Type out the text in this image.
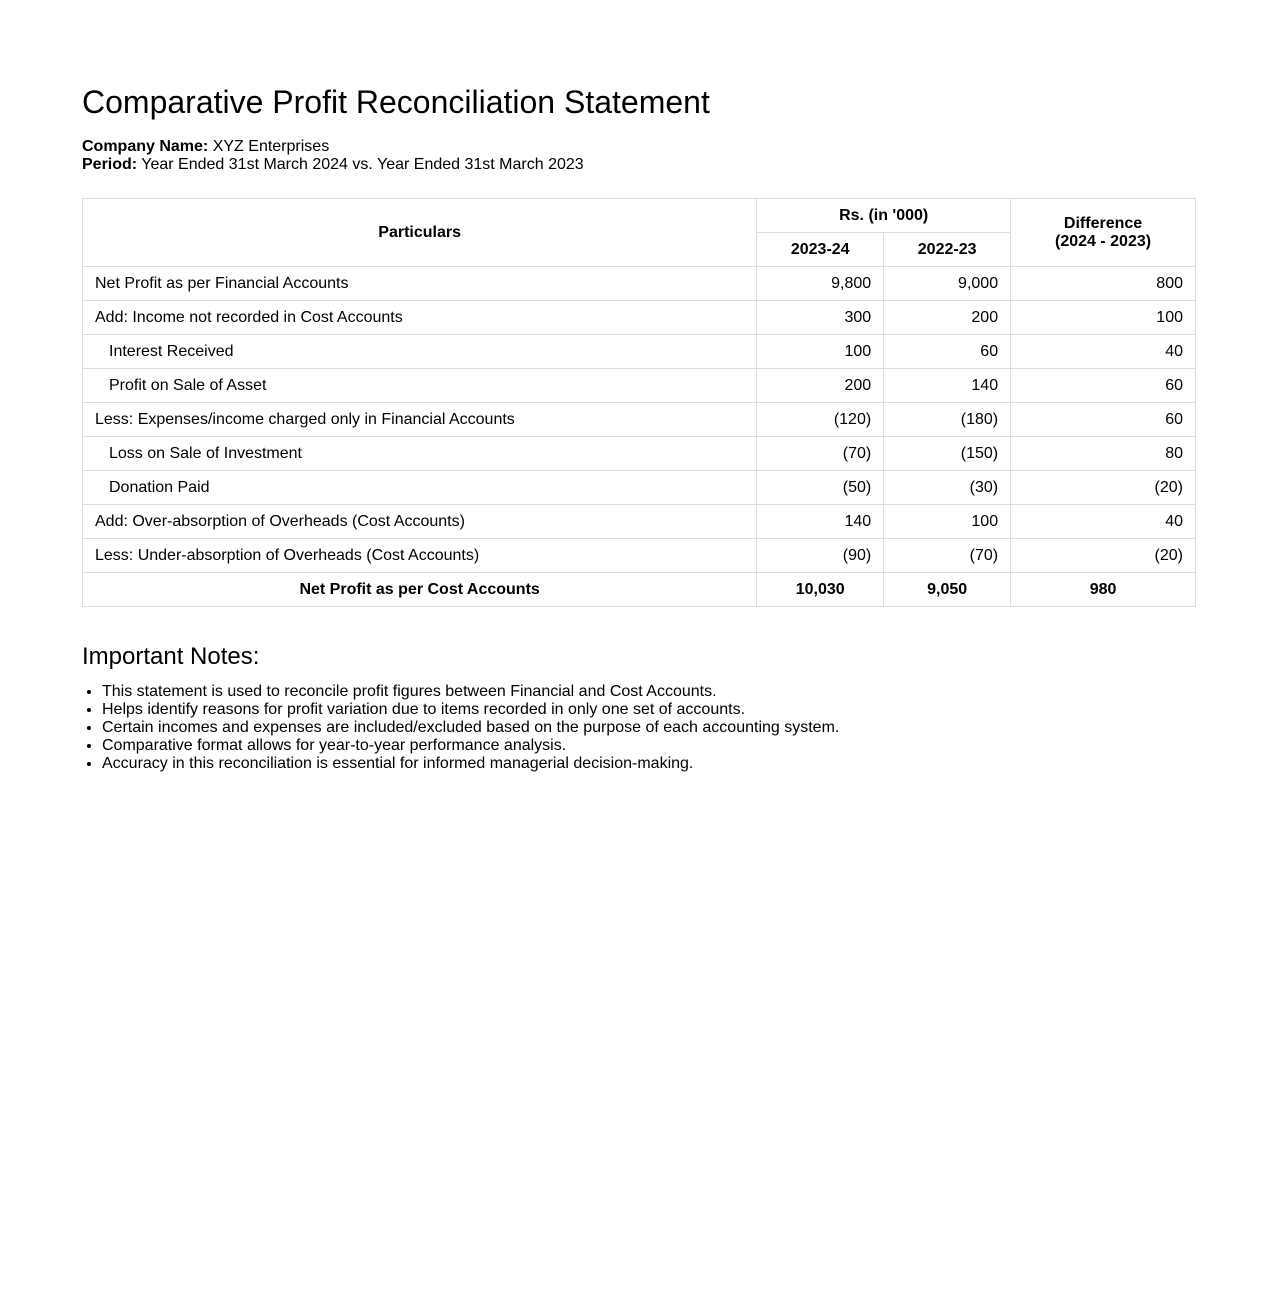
Comparative Profit Reconciliation Statement
Company Name: XYZ Enterprises
Period: Year Ended 31st March 2024 vs. Year Ended 31st March 2023
Particulars	Rs. (in '000)		Difference
(2024 - 2023)

	2023-24	2022-23	
Net Profit as per Financial Accounts	9,800	9,000	800
Add: Income not recorded in Cost Accounts	300	200	100
Interest Received	100	60	40
Profit on Sale of Asset	200	140	60
Less: Expenses/income charged only in Financial Accounts	(120)	(180)	60
Loss on Sale of Investment	(70)	(150)	80
Donation Paid	(50)	(30)	(20)
Add: Over-absorption of Overheads (Cost Accounts)	140	100	40
Less: Under-absorption of Overheads (Cost Accounts)	(90)	(70)	(20)
Net Profit as per Cost Accounts	10,030	9,050	980
Important Notes:
• This statement is used to reconcile profit figures between Financial and Cost Accounts.
• Helps identify reasons for profit variation due to items recorded in only one set of accounts.
• Certain incomes and expenses are included/excluded based on the purpose of each accounting system.
• Comparative format allows for year-to-year performance analysis.
• Accuracy in this reconciliation is essential for informed managerial decision-making.
